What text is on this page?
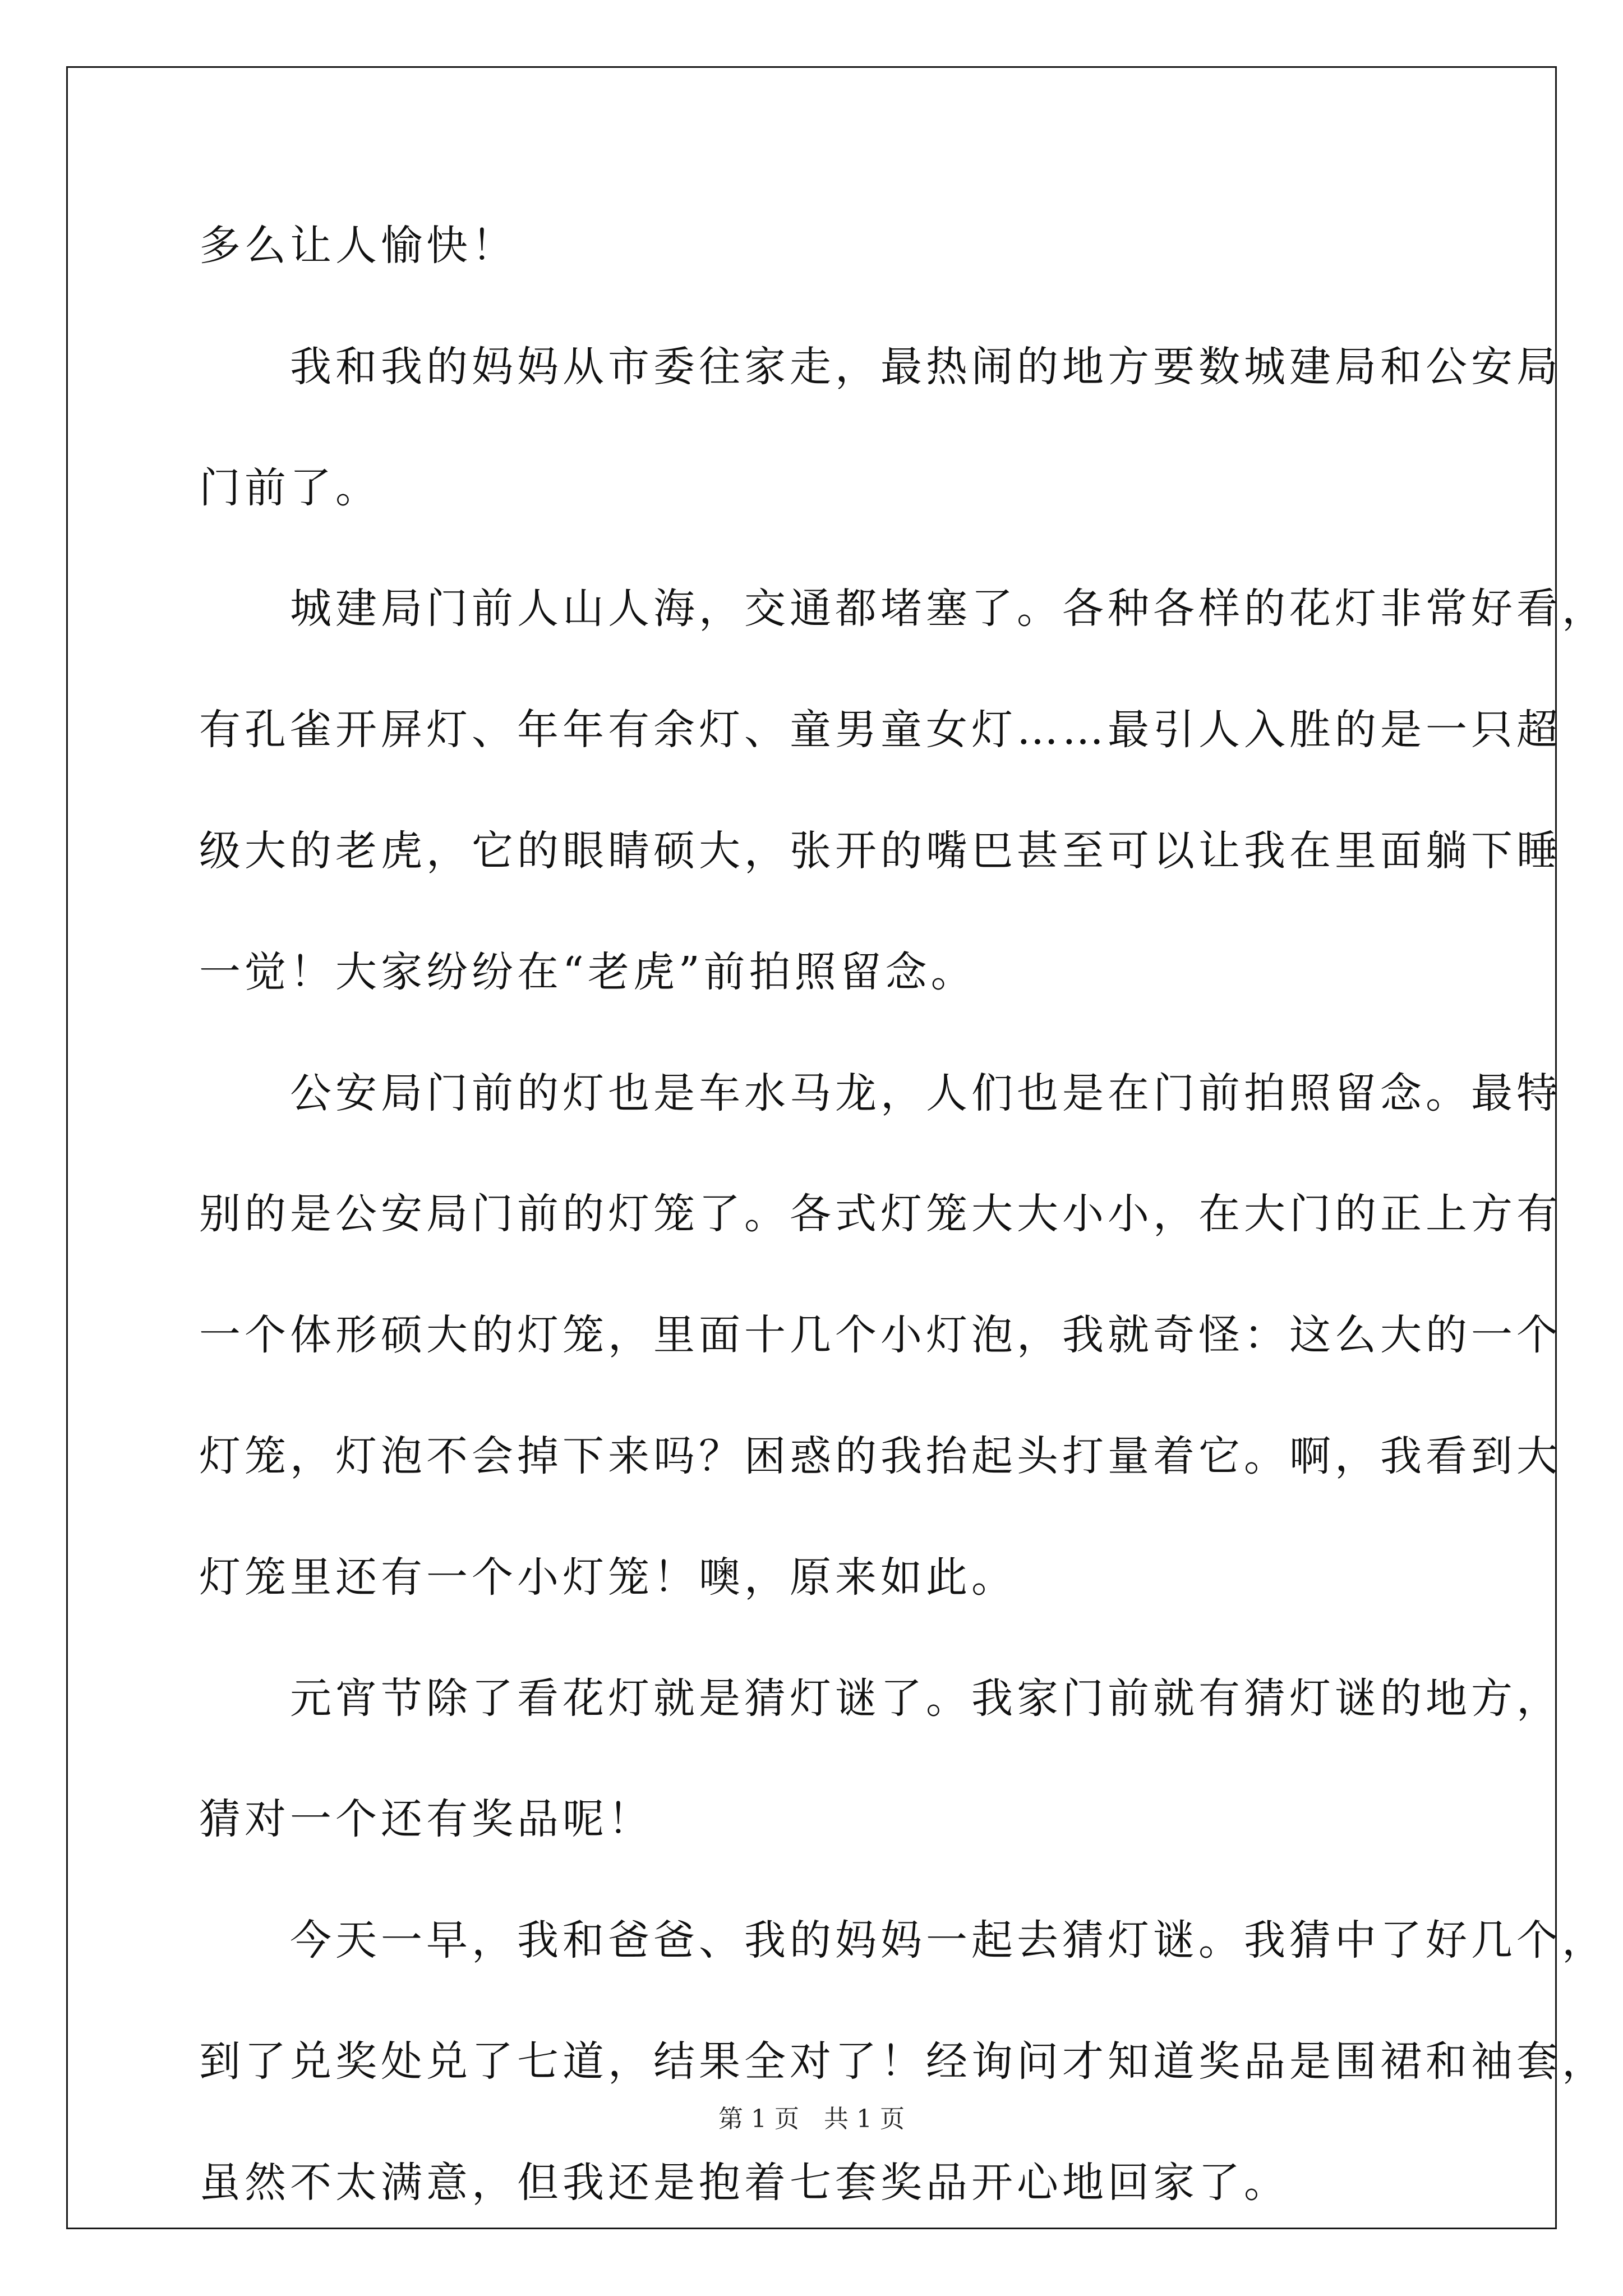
多么让人愉快！
　　我和我的妈妈从市委往家走，最热闹的地方要数城建局和公安局
门前了。
　　城建局门前人山人海，交通都堵塞了。各种各样的花灯非常好看，
有孔雀开屏灯、年年有余灯、童男童女灯……最引人入胜的是一只超
级大的老虎，它的眼睛硕大，张开的嘴巴甚至可以让我在里面躺下睡
一觉！大家纷纷在“老虎”前拍照留念。
　　公安局门前的灯也是车水马龙，人们也是在门前拍照留念。最特
别的是公安局门前的灯笼了。各式灯笼大大小小，在大门的正上方有
一个体形硕大的灯笼，里面十几个小灯泡，我就奇怪：这么大的一个
灯笼，灯泡不会掉下来吗？困惑的我抬起头打量着它。啊，我看到大
灯笼里还有一个小灯笼！噢，原来如此。
　　元宵节除了看花灯就是猜灯谜了。我家门前就有猜灯谜的地方，
猜对一个还有奖品呢！
　　今天一早，我和爸爸、我的妈妈一起去猜灯谜。我猜中了好几个，
到了兑奖处兑了七道，结果全对了！经询问才知道奖品是围裙和袖套，
虽然不太满意，但我还是抱着七套奖品开心地回家了。
第 1 页　共 1 页
